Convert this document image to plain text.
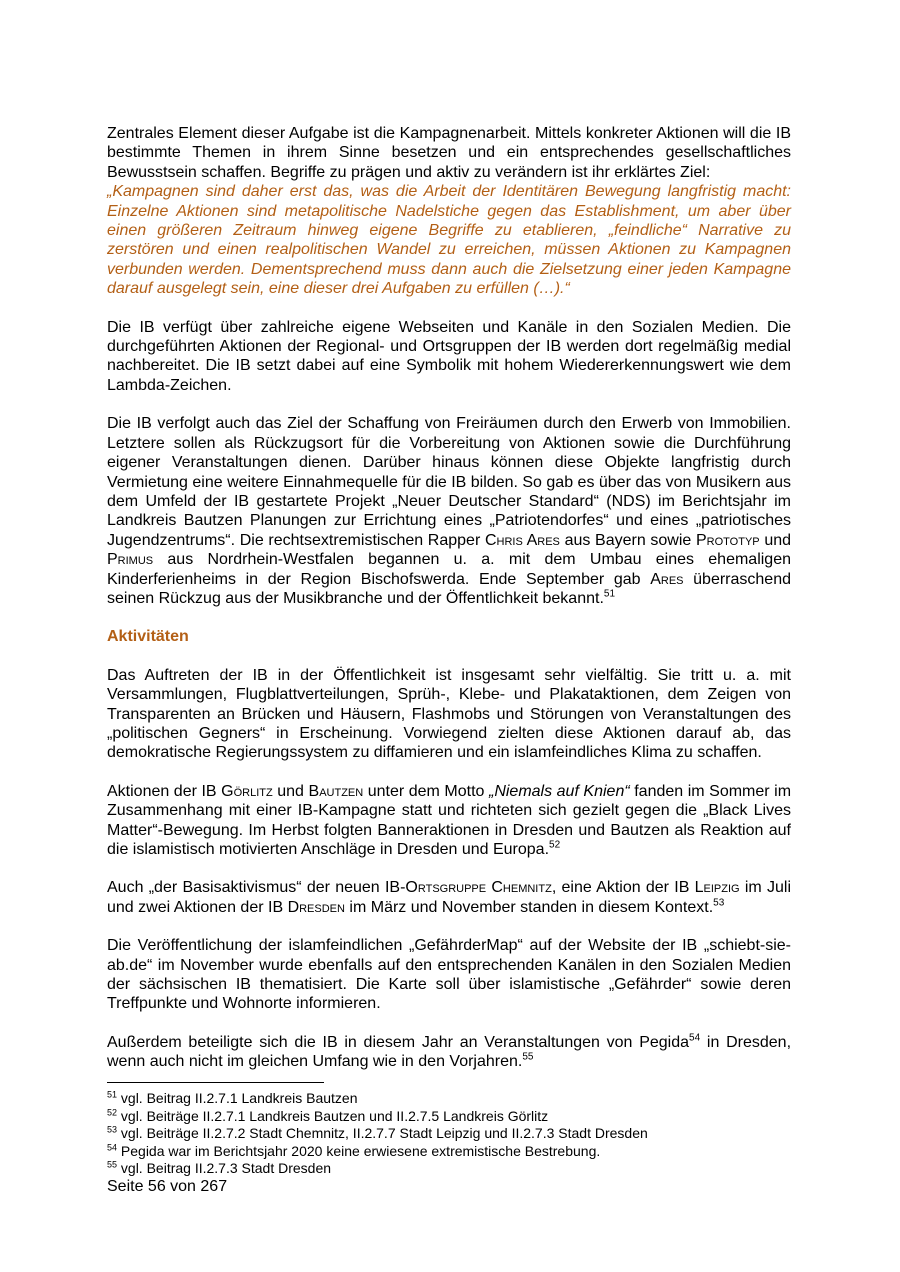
Zentrales Element dieser Aufgabe ist die Kampagnenarbeit. Mittels konkreter Aktionen will die IB bestimmte Themen in ihrem Sinne besetzen und ein entsprechendes gesellschaftliches Bewusstsein schaffen. Begriffe zu prägen und aktiv zu verändern ist ihr erklärtes Ziel:

„Kampagnen sind daher erst das, was die Arbeit der Identitären Bewegung langfristig macht: Einzelne Aktionen sind metapolitische Nadelstiche gegen das Establishment, um aber über einen größeren Zeitraum hinweg eigene Begriffe zu etablieren, „feindliche“ Narrative zu zerstören und einen realpolitischen Wandel zu erreichen, müssen Aktionen zu Kampagnen verbunden werden. Dementsprechend muss dann auch die Zielsetzung einer jeden Kampagne darauf ausgelegt sein, eine dieser drei Aufgaben zu erfüllen (…).“

Die IB verfügt über zahlreiche eigene Webseiten und Kanäle in den Sozialen Medien. Die durchgeführten Aktionen der Regional- und Ortsgruppen der IB werden dort regelmäßig medial nachbereitet. Die IB setzt dabei auf eine Symbolik mit hohem Wiedererkennungswert wie dem Lambda-Zeichen.

Die IB verfolgt auch das Ziel der Schaffung von Freiräumen durch den Erwerb von Immobilien. Letztere sollen als Rückzugsort für die Vorbereitung von Aktionen sowie die Durchführung eigener Veranstaltungen dienen. Darüber hinaus können diese Objekte langfristig durch Vermietung eine weitere Einnahmequelle für die IB bilden. So gab es über das von Musikern aus dem Umfeld der IB gestartete Projekt „Neuer Deutscher Standard“ (NDS) im Berichtsjahr im Landkreis Bautzen Planungen zur Errichtung eines „Patriotendorfes“ und eines „patriotisches Jugendzentrums“. Die rechtsextremistischen Rapper Chris Ares aus Bayern sowie Prototyp und Primus aus Nordrhein-Westfalen begannen u. a. mit dem Umbau eines ehemaligen Kinderferienheims in der Region Bischofswerda. Ende September gab Ares überraschend seinen Rückzug aus der Musikbranche und der Öffentlichkeit bekannt.$^{51}$

Aktivitäten

Das Auftreten der IB in der Öffentlichkeit ist insgesamt sehr vielfältig. Sie tritt u. a. mit Versammlungen, Flugblattverteilungen, Sprüh-, Klebe- und Plakataktionen, dem Zeigen von Transparenten an Brücken und Häusern, Flashmobs und Störungen von Veranstaltungen des „politischen Gegners“ in Erscheinung. Vorwiegend zielten diese Aktionen darauf ab, das demokratische Regierungssystem zu diffamieren und ein islamfeindliches Klima zu schaffen.

Aktionen der IB Görlitz und Bautzen unter dem Motto „Niemals auf Knien“ fanden im Sommer im Zusammenhang mit einer IB-Kampagne statt und richteten sich gezielt gegen die „Black Lives Matter“-Bewegung. Im Herbst folgten Banneraktionen in Dresden und Bautzen als Reaktion auf die islamistisch motivierten Anschläge in Dresden und Europa.$^{52}$

Auch „der Basisaktivismus“ der neuen IB-Ortsgruppe Chemnitz, eine Aktion der IB Leipzig im Juli und zwei Aktionen der IB Dresden im März und November standen in diesem Kontext.$^{53}$

Die Veröffentlichung der islamfeindlichen „GefährderMap“ auf der Website der IB „schiebt-sie-ab.de“ im November wurde ebenfalls auf den entsprechenden Kanälen in den Sozialen Medien der sächsischen IB thematisiert. Die Karte soll über islamistische „Gefährder“ sowie deren Treffpunkte und Wohnorte informieren.

Außerdem beteiligte sich die IB in diesem Jahr an Veranstaltungen von Pegida$^{54}$ in Dresden, wenn auch nicht im gleichen Umfang wie in den Vorjahren.$^{55}$

$^{51}$ vgl. Beitrag II.2.7.1 Landkreis Bautzen
$^{52}$ vgl. Beiträge II.2.7.1 Landkreis Bautzen und II.2.7.5 Landkreis Görlitz
$^{53}$ vgl. Beiträge II.2.7.2 Stadt Chemnitz, II.2.7.7 Stadt Leipzig und II.2.7.3 Stadt Dresden
$^{54}$ Pegida war im Berichtsjahr 2020 keine erwiesene extremistische Bestrebung.
$^{55}$ vgl. Beitrag II.2.7.3 Stadt Dresden
Seite 56 von 267
